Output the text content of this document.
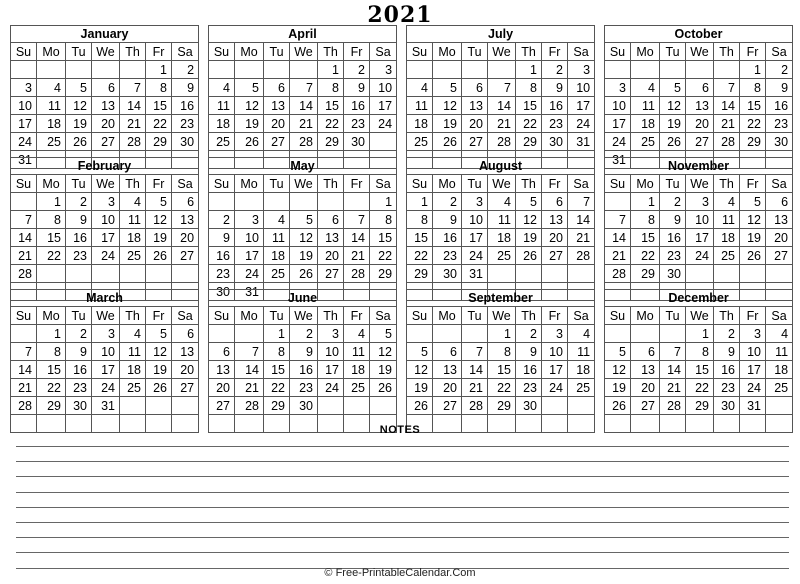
2021
January						
Su	Mo	Tu	We	Th	Fr	Sa
					1	2
3	4	5	6	7	8	9
10	11	12	13	14	15	16
17	18	19	20	21	22	23
24	25	26	27	28	29	30
31						
April						
Su	Mo	Tu	We	Th	Fr	Sa
				1	2	3
4	5	6	7	8	9	10
11	12	13	14	15	16	17
18	19	20	21	22	23	24
25	26	27	28	29	30	

July						
Su	Mo	Tu	We	Th	Fr	Sa
				1	2	3
4	5	6	7	8	9	10
11	12	13	14	15	16	17
18	19	20	21	22	23	24
25	26	27	28	29	30	31

October						
Su	Mo	Tu	We	Th	Fr	Sa
					1	2
3	4	5	6	7	8	9
10	11	12	13	14	15	16
17	18	19	20	21	22	23
24	25	26	27	28	29	30
31						
February						
Su	Mo	Tu	We	Th	Fr	Sa
	1	2	3	4	5	6
7	8	9	10	11	12	13
14	15	16	17	18	19	20
21	22	23	24	25	26	27
28						

May						
Su	Mo	Tu	We	Th	Fr	Sa
						1
2	3	4	5	6	7	8
9	10	11	12	13	14	15
16	17	18	19	20	21	22
23	24	25	26	27	28	29
30	31					
August						
Su	Mo	Tu	We	Th	Fr	Sa
1	2	3	4	5	6	7
8	9	10	11	12	13	14
15	16	17	18	19	20	21
22	23	24	25	26	27	28
29	30	31				

November						
Su	Mo	Tu	We	Th	Fr	Sa
	1	2	3	4	5	6
7	8	9	10	11	12	13
14	15	16	17	18	19	20
21	22	23	24	25	26	27
28	29	30				

March						
Su	Mo	Tu	We	Th	Fr	Sa
	1	2	3	4	5	6
7	8	9	10	11	12	13
14	15	16	17	18	19	20
21	22	23	24	25	26	27
28	29	30	31			

June						
Su	Mo	Tu	We	Th	Fr	Sa
		1	2	3	4	5
6	7	8	9	10	11	12
13	14	15	16	17	18	19
20	21	22	23	24	25	26
27	28	29	30			

September						
Su	Mo	Tu	We	Th	Fr	Sa
			1	2	3	4
5	6	7	8	9	10	11
12	13	14	15	16	17	18
19	20	21	22	23	24	25
26	27	28	29	30		

December						
Su	Mo	Tu	We	Th	Fr	Sa
			1	2	3	4
5	6	7	8	9	10	11
12	13	14	15	16	17	18
19	20	21	22	23	24	25
26	27	28	29	30	31	

NOTES
© Free-PrintableCalendar.Com
